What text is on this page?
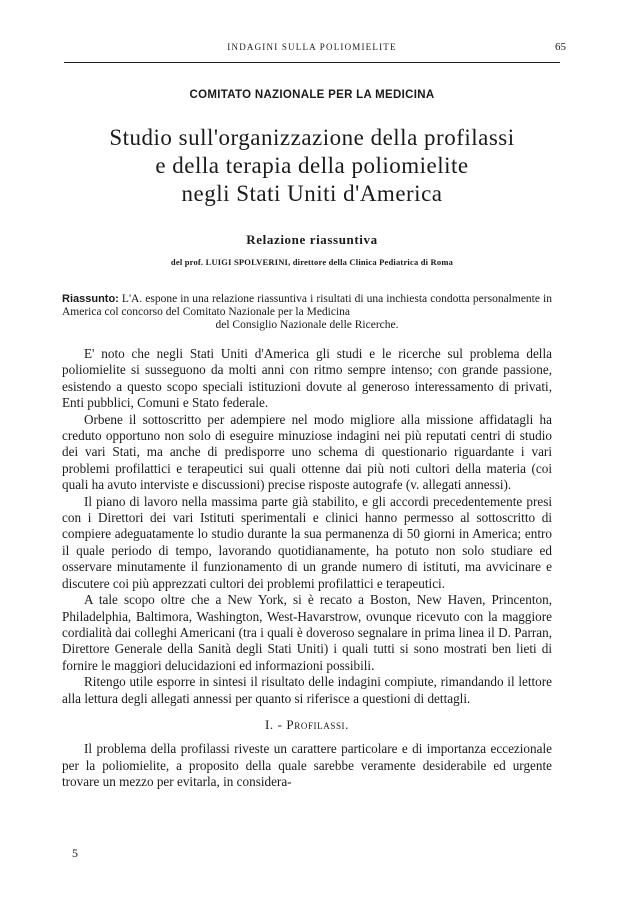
INDAGINI SULLA POLIOMIELITE	65
COMITATO NAZIONALE PER LA MEDICINA
Studio sull'organizzazione della profilassi
e della terapia della poliomielite
negli Stati Uniti d'America
Relazione riassuntiva
del prof. LUIGI SPOLVERINI, direttore della Clinica Pediatrica di Roma
Riassunto: L'A. espone in una relazione riassuntiva i risultati di una inchiesta condotta personalmente in America col concorso del Comitato Nazionale per la Medicina
del Consiglio Nazionale delle Ricerche.

E' noto che negli Stati Uniti d'America gli studi e le ricerche sul problema della poliomielite si susseguono da molti anni con ritmo sempre intenso; con grande passione, esistendo a questo scopo speciali istituzioni dovute al generoso interessamento di privati, Enti pubblici, Comuni e Stato federale.

Orbene il sottoscritto per adempiere nel modo migliore alla missione affidatagli ha creduto opportuno non solo di eseguire minuziose indagini nei più reputati centri di studio dei vari Stati, ma anche di predisporre uno schema di questionario riguardante i vari problemi profilattici e terapeutici sui quali ottenne dai più noti cultori della materia (coi quali ha avuto interviste e discussioni) precise risposte autografe (v. allegati annessi).

Il piano di lavoro nella massima parte già stabilito, e gli accordi precedentemente presi con i Direttori dei vari Istituti sperimentali e clinici hanno permesso al sottoscritto di compiere adeguatamente lo studio durante la sua permanenza di 50 giorni in America; entro il quale periodo di tempo, lavorando quotidianamente, ha potuto non solo studiare ed osservare minutamente il funzionamento di un grande numero di istituti, ma avvicinare e discutere coi più apprezzati cultori dei problemi profilattici e terapeutici.

A tale scopo oltre che a New York, si è recato a Boston, New Haven, Princenton, Philadelphia, Baltimora, Washington, West-Havarstrow, ovunque ricevuto con la maggiore cordialità dai colleghi Americani (tra i quali è doveroso segnalare in prima linea il D. Parran, Direttore Generale della Sanità degli Stati Uniti) i quali tutti si sono mostrati ben lieti di fornire le maggiori delucidazioni ed informazioni possibili.

Ritengo utile esporre in sintesi il risultato delle indagini compiute, rimandando il lettore alla lettura degli allegati annessi per quanto si riferisce a questioni di dettagli.

I. - Profilassi.

Il problema della profilassi riveste un carattere particolare e di importanza eccezionale per la poliomielite, a proposito della quale sarebbe veramente desiderabile ed urgente trovare un mezzo per evitarla, in considera-

5
